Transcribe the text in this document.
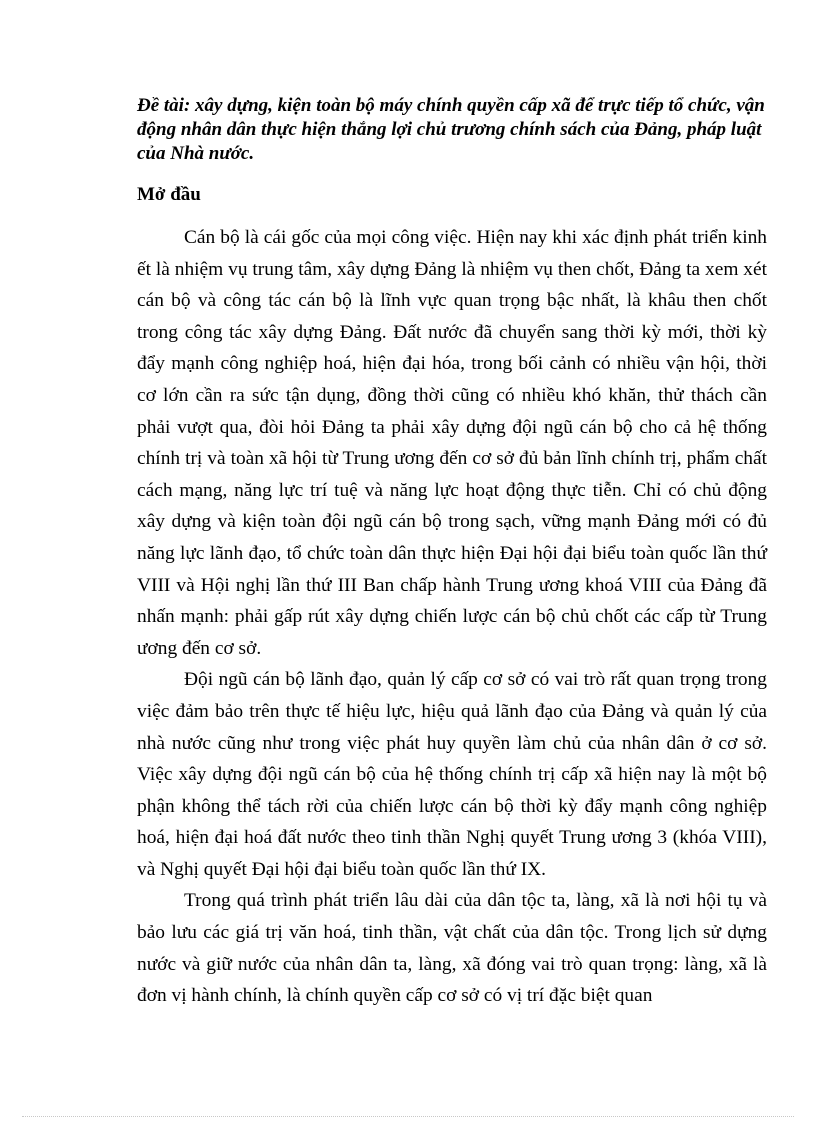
Đề tài: xây dựng, kiện toàn bộ máy chính quyền cấp xã để trực tiếp tổ chức, vận động nhân dân thực hiện thắng lợi chủ trương chính sách của Đảng, pháp luật của Nhà nước.

Mở đầu

Cán bộ là cái gốc của mọi công việc. Hiện nay khi xác định phát triển kinh ết là nhiệm vụ trung tâm, xây dựng Đảng là nhiệm vụ then chốt, Đảng ta xem xét cán bộ và công tác cán bộ là lĩnh vực quan trọng bậc nhất, là khâu then chốt trong công tác xây dựng Đảng. Đất nước đã chuyển sang thời kỳ mới, thời kỳ đẩy mạnh công nghiệp hoá, hiện đại hóa, trong bối cảnh có nhiều vận hội, thời cơ lớn cần ra sức tận dụng, đồng thời cũng có nhiều khó khăn, thử thách cần phải vượt qua, đòi hỏi Đảng ta phải xây dựng đội ngũ cán bộ cho cả hệ thống chính trị và toàn xã hội từ Trung ương đến cơ sở đủ bản lĩnh chính trị, phẩm chất cách mạng, năng lực trí tuệ và năng lực hoạt động thực tiễn. Chỉ có chủ động xây dựng và kiện toàn đội ngũ cán bộ trong sạch, vững mạnh Đảng mới có đủ năng lực lãnh đạo, tổ chức toàn dân thực hiện Đại hội đại biểu toàn quốc lần thứ VIII và Hội nghị lần thứ III Ban chấp hành Trung ương khoá VIII của Đảng đã nhấn mạnh: phải gấp rút xây dựng chiến lược cán bộ chủ chốt các cấp từ Trung ương đến cơ sở.

Đội ngũ cán bộ lãnh đạo, quản lý cấp cơ sở có vai trò rất quan trọng trong việc đảm bảo trên thực tế hiệu lực, hiệu quả lãnh đạo của Đảng và quản lý của nhà nước cũng như trong việc phát huy quyền làm chủ của nhân dân ở cơ sở. Việc xây dựng đội ngũ cán bộ của hệ thống chính trị cấp xã hiện nay là một bộ phận không thể tách rời của chiến lược cán bộ thời kỳ đẩy mạnh công nghiệp hoá, hiện đại hoá đất nước theo tinh thần Nghị quyết Trung ương 3 (khóa VIII), và Nghị quyết Đại hội đại biểu toàn quốc lần thứ IX.

Trong quá trình phát triển lâu dài của dân tộc ta, làng, xã là nơi hội tụ và bảo lưu các giá trị văn hoá, tinh thần, vật chất của dân tộc. Trong lịch sử dựng nước và giữ nước của nhân dân ta, làng, xã đóng vai trò quan trọng: làng, xã là đơn vị hành chính, là chính quyền cấp cơ sở có vị trí đặc biệt quan
